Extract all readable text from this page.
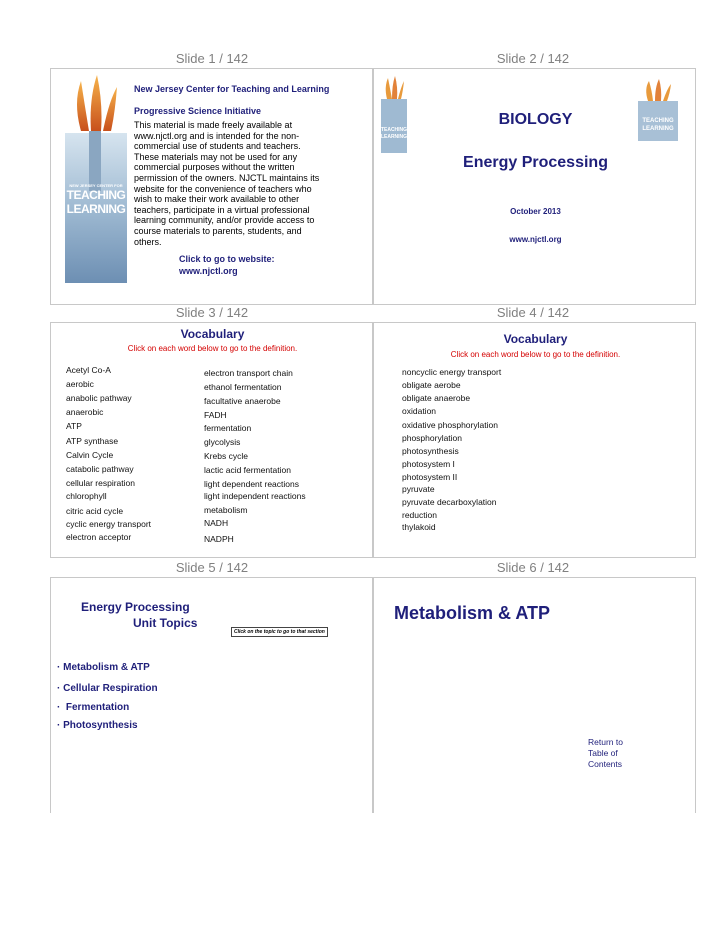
Slide 1 / 142	Slide 2 / 142
NEW JERSEY CENTER FOR
TEACHING
LEARNING
New Jersey Center for Teaching and Learning
Progressive Science Initiative
This material is made freely available at
www.njctl.org and is intended for the non-
commercial use of students and teachers.
These materials may not be used for any
commercial purposes without the written
permission of the owners. NJCTL maintains its
website for the convenience of teachers who
wish to make their work available to other
teachers, participate in a virtual professional
learning community, and/or provide access to
course materials to parents, students, and
others.
Click to go to website:
www.njctl.org
TEACHING
LEARNING
TEACHING
LEARNING
BIOLOGY
Energy Processing
October 2013
www.njctl.org
Slide 3 / 142	Slide 4 / 142
Vocabulary
Click on each word below to go to the definition.
Acetyl Co-A
aerobic
anabolic pathway
anaerobic
ATP
ATP synthase
Calvin Cycle
catabolic pathway
cellular respiration
chlorophyll
citric acid cycle
cyclic energy transport
electron acceptor
electron transport chain
ethanol fermentation
facultative anaerobe
FADH
fermentation
glycolysis
Krebs cycle
lactic acid fermentation
light dependent reactions
light independent reactions
metabolism
NADH
NADPH
Vocabulary
Click on each word below to go to the definition.
noncyclic energy transport
obligate aerobe
obligate anaerobe
oxidation
oxidative phosphorylation
phosphorylation
photosynthesis
photosystem I
photosystem II
pyruvate
pyruvate decarboxylation
reduction
thylakoid
Slide 5 / 142	Slide 6 / 142
Energy Processing
Unit Topics
Click on the topic to go to that section
· Metabolism & ATP
· Cellular Respiration
·  Fermentation
· Photosynthesis
Metabolism & ATP
Return to
Table of
Contents
